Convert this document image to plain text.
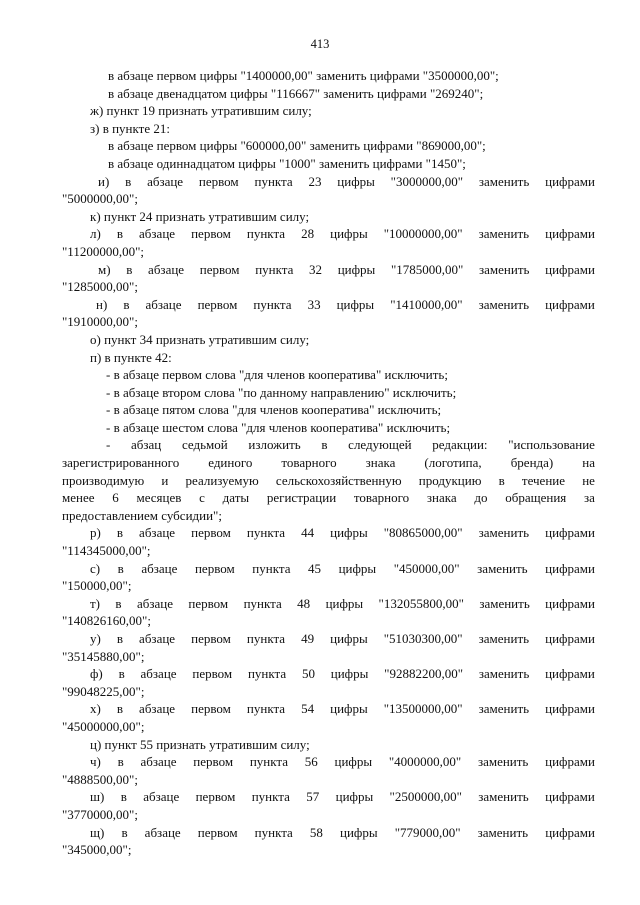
413
в абзаце первом цифры "1400000,00" заменить цифрами "3500000,00";
в абзаце двенадцатом цифры "116667" заменить цифрами "269240";
ж) пункт 19 признать утратившим силу;
з) в пункте 21:
в абзаце первом цифры "600000,00" заменить цифрами "869000,00";
в абзаце одиннадцатом цифры "1000" заменить цифрами "1450";
и) в абзаце первом пункта 23 цифры "3000000,00" заменить цифрами
"5000000,00";
к) пункт 24 признать утратившим силу;
л) в абзаце первом пункта 28 цифры "10000000,00" заменить цифрами
"11200000,00";
м) в абзаце первом пункта 32 цифры "1785000,00" заменить цифрами
"1285000,00";
н) в абзаце первом пункта 33 цифры "1410000,00" заменить цифрами
"1910000,00";
о) пункт 34 признать утратившим силу;
п) в пункте 42:
- в абзаце первом слова "для членов кооператива" исключить;
- в абзаце втором слова "по данному направлению" исключить;
- в абзаце пятом слова "для членов кооператива" исключить;
- в абзаце шестом слова "для членов кооператива" исключить;
- абзац седьмой изложить в следующей редакции: "использование
зарегистрированного единого товарного знака (логотипа, бренда) на
производимую и реализуемую сельскохозяйственную продукцию в течение не
менее 6 месяцев с даты регистрации товарного знака до обращения за
предоставлением субсидии";
р) в абзаце первом пункта 44 цифры "80865000,00" заменить цифрами
"114345000,00";
с) в абзаце первом пункта 45 цифры "450000,00" заменить цифрами
"150000,00";
т) в абзаце первом пункта 48 цифры "132055800,00" заменить цифрами
"140826160,00";
у) в абзаце первом пункта 49 цифры "51030300,00" заменить цифрами
"35145880,00";
ф) в абзаце первом пункта 50 цифры "92882200,00" заменить цифрами
"99048225,00";
х) в абзаце первом пункта 54 цифры "13500000,00" заменить цифрами
"45000000,00";
ц) пункт 55 признать утратившим силу;
ч) в абзаце первом пункта 56 цифры "4000000,00" заменить цифрами
"4888500,00";
ш) в абзаце первом пункта 57 цифры "2500000,00" заменить цифрами
"3770000,00";
щ) в абзаце первом пункта 58 цифры "779000,00" заменить цифрами
"345000,00";
